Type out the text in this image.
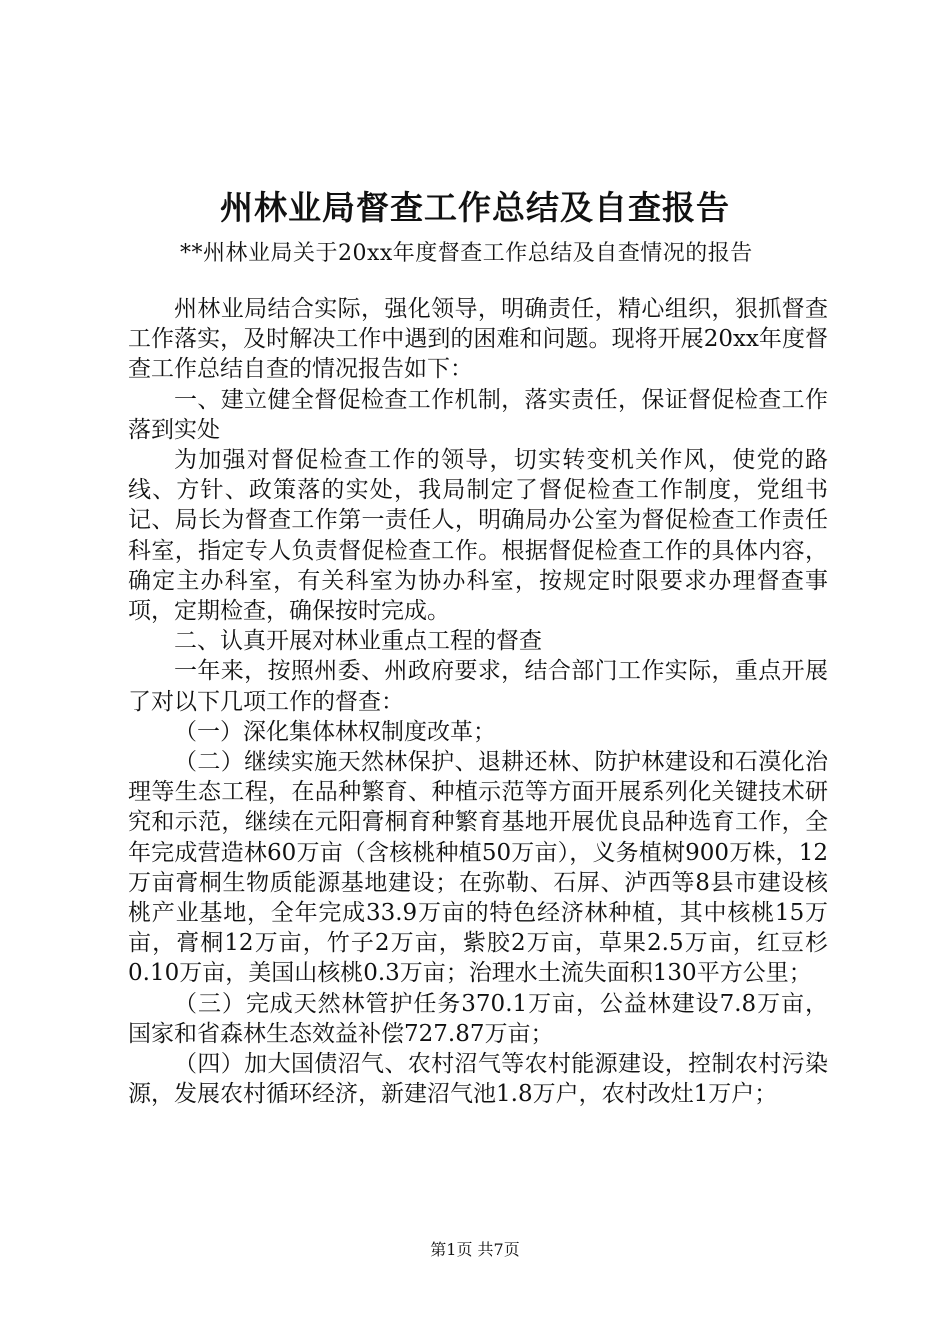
州林业局督查工作总结及自查报告
**州林业局关于20xx年度督查工作总结及自查情况的报告

州林业局结合实际，强化领导，明确责任，精心组织，狠抓督查工作落实，及时解决工作中遇到的困难和问题。现将开展20xx年度督查工作总结自查的情况报告如下：

一、建立健全督促检查工作机制，落实责任，保证督促检查工作落到实处

为加强对督促检查工作的领导，切实转变机关作风，使党的路线、方针、政策落的实处，我局制定了督促检查工作制度，党组书记、局长为督查工作第一责任人，明确局办公室为督促检查工作责任科室，指定专人负责督促检查工作。根据督促检查工作的具体内容，确定主办科室，有关科室为协办科室，按规定时限要求办理督查事项，定期检查，确保按时完成。

二、认真开展对林业重点工程的督查

一年来，按照州委、州政府要求，结合部门工作实际，重点开展了对以下几项工作的督查：

（一）深化集体林权制度改革；

（二）继续实施天然林保护、退耕还林、防护林建设和石漠化治理等生态工程，在品种繁育、种植示范等方面开展系列化关键技术研究和示范，继续在元阳膏桐育种繁育基地开展优良品种选育工作，全年完成营造林60万亩（含核桃种植50万亩），义务植树900万株，12万亩膏桐生物质能源基地建设；在弥勒、石屏、泸西等8县市建设核桃产业基地，全年完成33.9万亩的特色经济林种植，其中核桃15万亩，膏桐12万亩，竹子2万亩，紫胶2万亩，草果2.5万亩，红豆杉0.10万亩，美国山核桃0.3万亩；治理水土流失面积130平方公里；

（三）完成天然林管护任务370.1万亩，公益林建设7.8万亩，国家和省森林生态效益补偿727.87万亩；

（四）加大国债沼气、农村沼气等农村能源建设，控制农村污染源，发展农村循环经济，新建沼气池1.8万户，农村改灶1万户；

第1页 共7页
